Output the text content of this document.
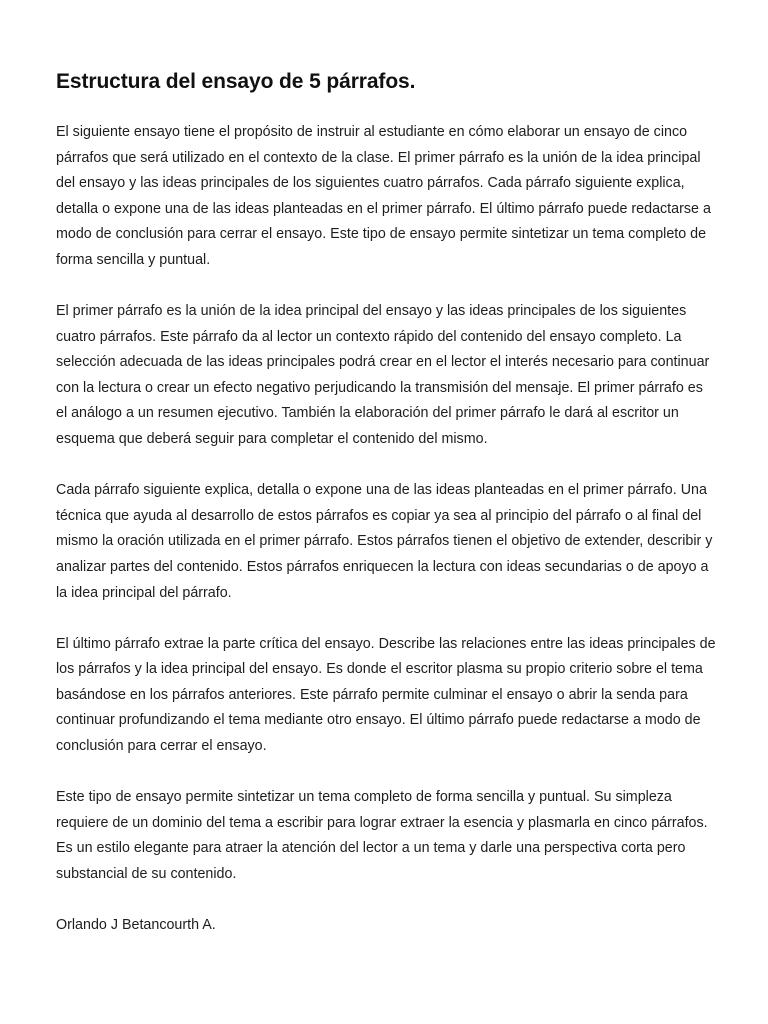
Estructura del ensayo de 5 párrafos.

El siguiente ensayo tiene el propósito de instruir al estudiante en cómo elaborar un ensayo de cinco párrafos que será utilizado en el contexto de la clase. El primer párrafo es la unión de la idea principal del ensayo y las ideas principales de los siguientes cuatro párrafos. Cada párrafo siguiente explica, detalla o expone una de las ideas planteadas en el primer párrafo. El último párrafo puede redactarse a modo de conclusión para cerrar el ensayo. Este tipo de ensayo permite sintetizar un tema completo de forma sencilla y puntual.

El primer párrafo es la unión de la idea principal del ensayo y las ideas principales de los siguientes cuatro párrafos. Este párrafo da al lector un contexto rápido del contenido del ensayo completo. La selección adecuada de las ideas principales podrá crear en el lector el interés necesario para continuar con la lectura o crear un efecto negativo perjudicando la transmisión del mensaje. El primer párrafo es el análogo a un resumen ejecutivo. También la elaboración del primer párrafo le dará al escritor un esquema que deberá seguir para completar el contenido del mismo.

Cada párrafo siguiente explica, detalla o expone una de las ideas planteadas en el primer párrafo. Una técnica que ayuda al desarrollo de estos párrafos es copiar ya sea al principio del párrafo o al final del mismo la oración utilizada en el primer párrafo. Estos párrafos tienen el objetivo de extender, describir y analizar partes del contenido. Estos párrafos enriquecen la lectura con ideas secundarias o de apoyo a la idea principal del párrafo.

El último párrafo extrae la parte crítica del ensayo. Describe las relaciones entre las ideas principales de los párrafos y la idea principal del ensayo. Es donde el escritor plasma su propio criterio sobre el tema basándose en los párrafos anteriores. Este párrafo permite culminar el ensayo o abrir la senda para continuar profundizando el tema mediante otro ensayo. El último párrafo puede redactarse a modo de conclusión para cerrar el ensayo.

Este tipo de ensayo permite sintetizar un tema completo de forma sencilla y puntual. Su simpleza requiere de un dominio del tema a escribir para lograr extraer la esencia y plasmarla en cinco párrafos. Es un estilo elegante para atraer la atención del lector a un tema y darle una perspectiva corta pero substancial de su contenido.

Orlando J Betancourth A.
